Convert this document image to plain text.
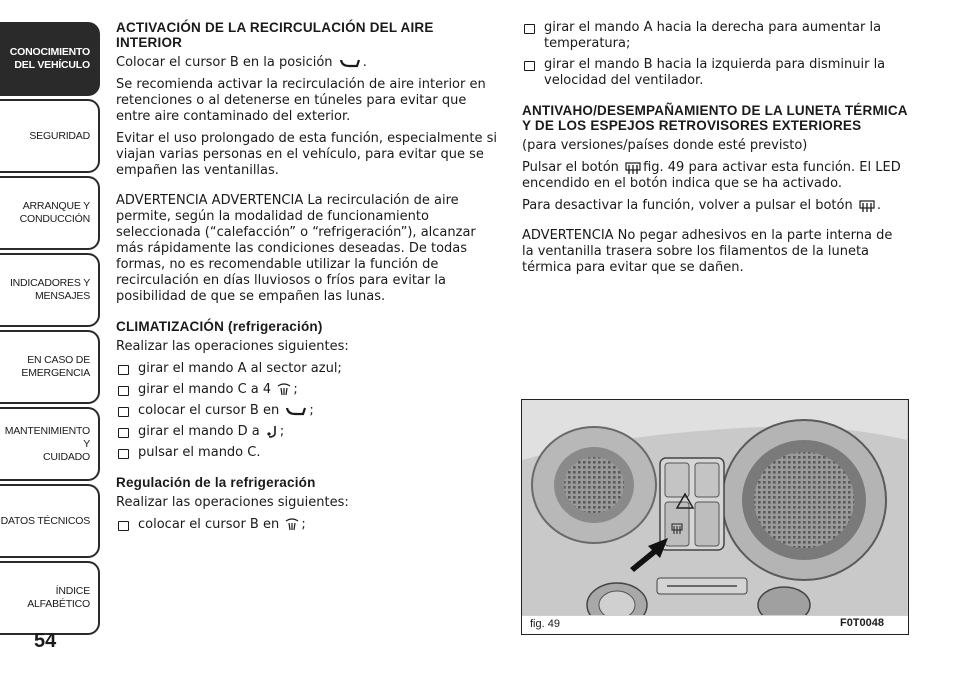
CONOCIMIENTO
DEL VEHÍCULO
SEGURIDAD
ARRANQUE Y
CONDUCCIÓN
INDICADORES Y
MENSAJES
EN CASO DE
EMERGENCIA
MANTENIMIENTO Y
CUIDADO
DATOS TÉCNICOS
ÍNDICE ALFABÉTICO
54
ACTIVACIÓN DE LA RECIRCULACIÓN DEL AIRE INTERIOR

Colocar el cursor B en la posición .

Se recomienda activar la recirculación de aire interior en retenciones o al detenerse en túneles para evitar que entre aire contaminado del exterior.

Evitar el uso prolongado de esta función, especialmente si viajan varias personas en el vehículo, para evitar que se empañen las ventanillas.

ADVERTENCIA ADVERTENCIA La recirculación de aire permite, según la modalidad de funcionamiento seleccionada (“calefacción” o “refrigeración”), alcanzar más rápidamente las condiciones deseadas. De todas formas, no es recomendable utilizar la función de recirculación en días lluviosos o fríos para evitar la posibilidad de que se empañen las lunas.

CLIMATIZACIÓN (refrigeración)

Realizar las operaciones siguientes:

girar el mando A al sector azul;
girar el mando C a 4 ;
colocar el cursor B en ;
girar el mando D a ;
pulsar el mando C.
Regulación de la refrigeración

Realizar las operaciones siguientes:

colocar el cursor B en ;
girar el mando A hacia la derecha para aumentar la temperatura;
girar el mando B hacia la izquierda para disminuir la velocidad del ventilador.
ANTIVAHO/DESEMPAÑAMIENTO DE LA LUNETA TÉRMICA Y DE LOS ESPEJOS RETROVISORES EXTERIORES

(para versiones/países donde esté previsto)

Pulsar el botón fig. 49 para activar esta función. El LED encendido en el botón indica que se ha activado.

Para desactivar la función, volver a pulsar el botón .

ADVERTENCIA No pegar adhesivos en la parte interna de la ventanilla trasera sobre los filamentos de la luneta térmica para evitar que se dañen.

fig. 49	F0T0048
